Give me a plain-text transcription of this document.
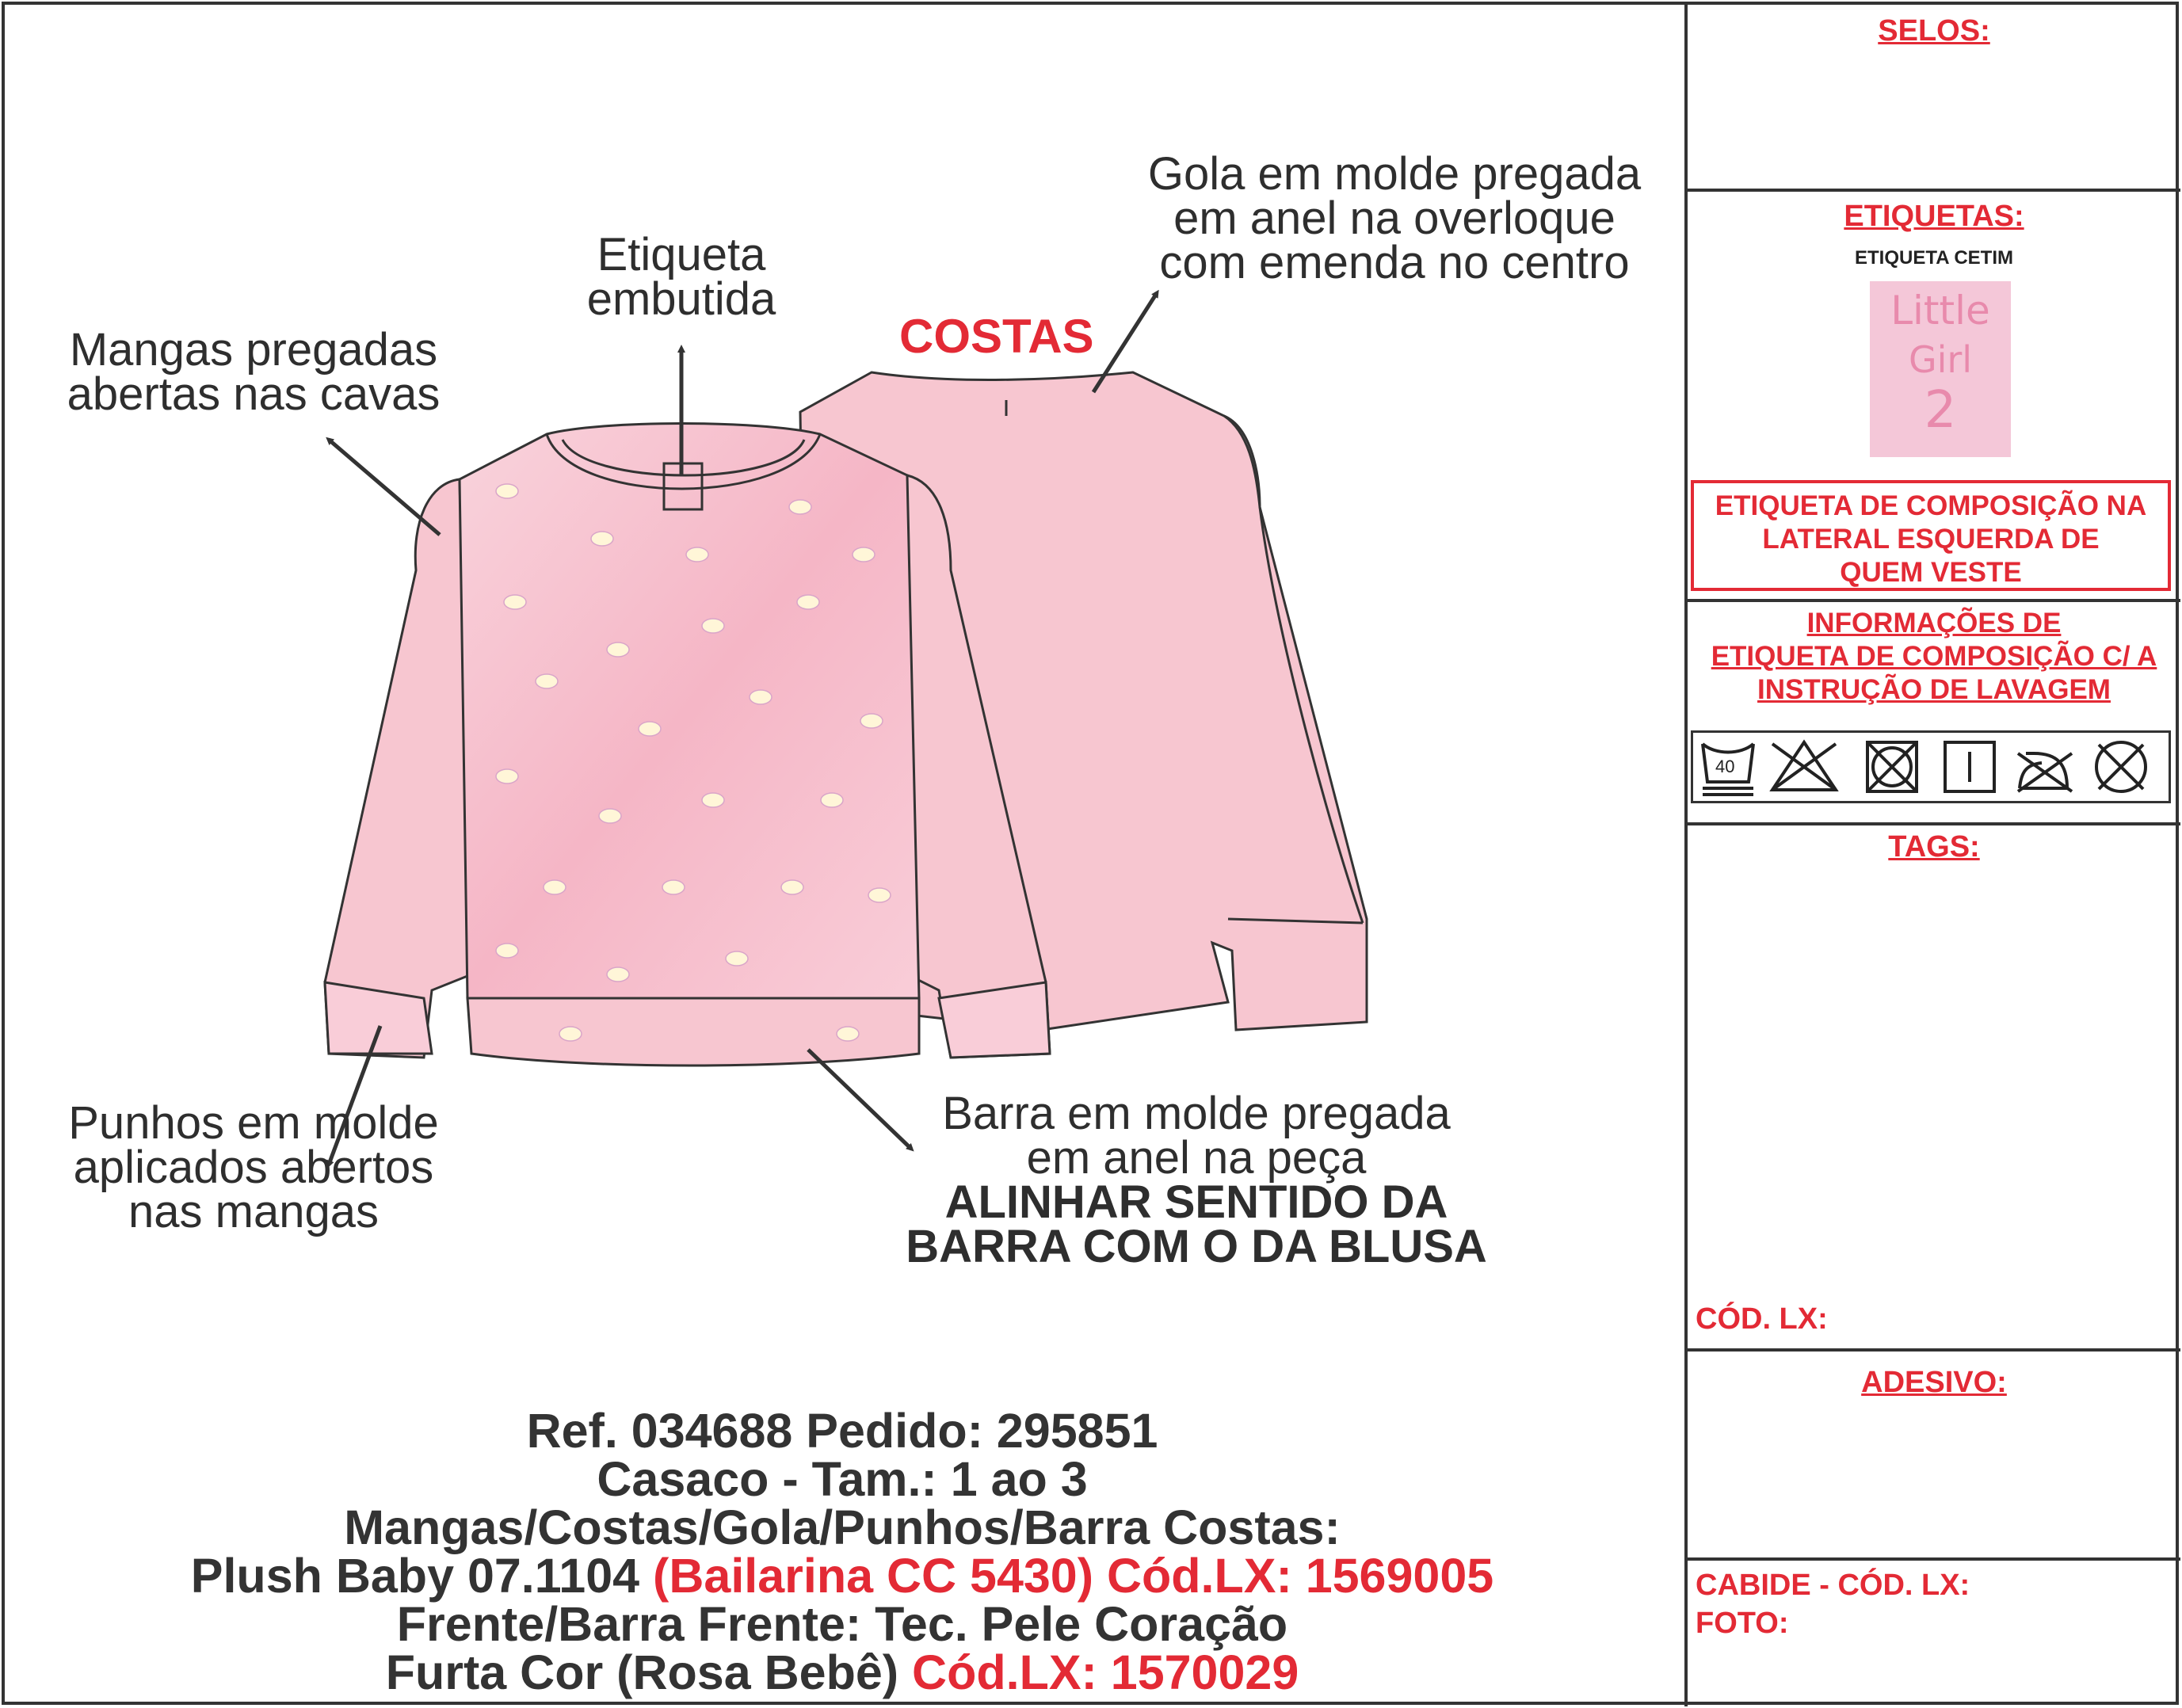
Mangas pregadas
abertas nas cavas
Etiqueta
embutida
COSTAS
Gola em molde pregada
em anel na overloque
com emenda no centro
Punhos em molde
aplicados abertos
nas mangas
Barra em molde pregada
em anel na peça
ALINHAR SENTIDO DA
BARRA COM O DA BLUSA
Ref. 034688 Pedido: 295851
Casaco - Tam.: 1 ao 3
Mangas/Costas/Gola/Punhos/Barra Costas:
Plush Baby 07.1104 (Bailarina CC 5430) Cód.LX: 1569005
Frente/Barra Frente: Tec. Pele Coração
Furta Cor (Rosa Bebê) Cód.LX: 1570029
SELOS:
ETIQUETAS:
ETIQUETA CETIM
Little
Girl
2
ETIQUETA DE COMPOSIÇÃO NA
LATERAL ESQUERDA DE
QUEM VESTE
INFORMAÇÕES DE
ETIQUETA DE COMPOSIÇÃO C/ A
INSTRUÇÃO DE LAVAGEM
40
TAGS:
CÓD. LX:
ADESIVO:
CABIDE - CÓD. LX:
FOTO:
